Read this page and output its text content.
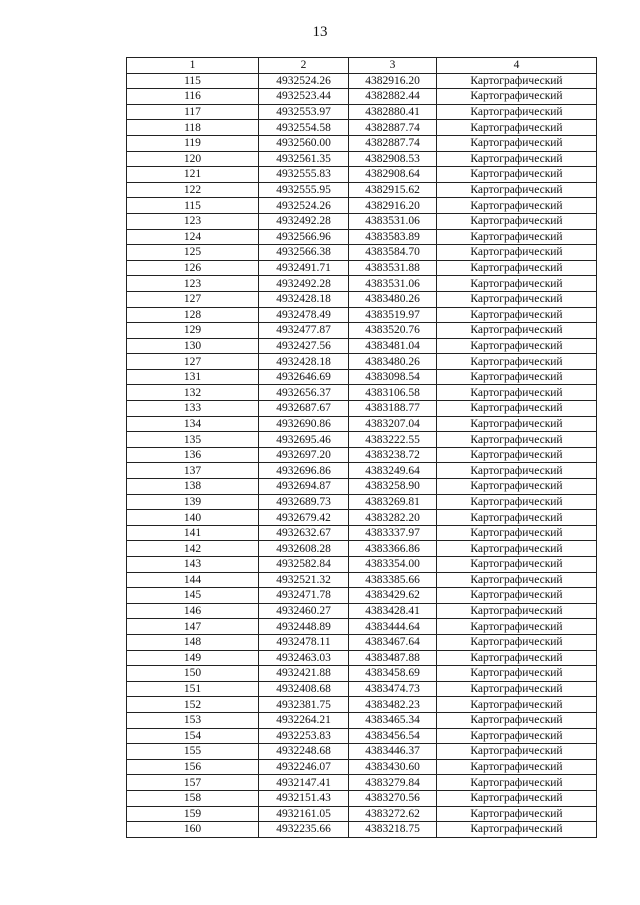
13
1	2	3	4
115	4932524.26	4382916.20	Картографический
116	4932523.44	4382882.44	Картографический
117	4932553.97	4382880.41	Картографический
118	4932554.58	4382887.74	Картографический
119	4932560.00	4382887.74	Картографический
120	4932561.35	4382908.53	Картографический
121	4932555.83	4382908.64	Картографический
122	4932555.95	4382915.62	Картографический
115	4932524.26	4382916.20	Картографический
123	4932492.28	4383531.06	Картографический
124	4932566.96	4383583.89	Картографический
125	4932566.38	4383584.70	Картографический
126	4932491.71	4383531.88	Картографический
123	4932492.28	4383531.06	Картографический
127	4932428.18	4383480.26	Картографический
128	4932478.49	4383519.97	Картографический
129	4932477.87	4383520.76	Картографический
130	4932427.56	4383481.04	Картографический
127	4932428.18	4383480.26	Картографический
131	4932646.69	4383098.54	Картографический
132	4932656.37	4383106.58	Картографический
133	4932687.67	4383188.77	Картографический
134	4932690.86	4383207.04	Картографический
135	4932695.46	4383222.55	Картографический
136	4932697.20	4383238.72	Картографический
137	4932696.86	4383249.64	Картографический
138	4932694.87	4383258.90	Картографический
139	4932689.73	4383269.81	Картографический
140	4932679.42	4383282.20	Картографический
141	4932632.67	4383337.97	Картографический
142	4932608.28	4383366.86	Картографический
143	4932582.84	4383354.00	Картографический
144	4932521.32	4383385.66	Картографический
145	4932471.78	4383429.62	Картографический
146	4932460.27	4383428.41	Картографический
147	4932448.89	4383444.64	Картографический
148	4932478.11	4383467.64	Картографический
149	4932463.03	4383487.88	Картографический
150	4932421.88	4383458.69	Картографический
151	4932408.68	4383474.73	Картографический
152	4932381.75	4383482.23	Картографический
153	4932264.21	4383465.34	Картографический
154	4932253.83	4383456.54	Картографический
155	4932248.68	4383446.37	Картографический
156	4932246.07	4383430.60	Картографический
157	4932147.41	4383279.84	Картографический
158	4932151.43	4383270.56	Картографический
159	4932161.05	4383272.62	Картографический
160	4932235.66	4383218.75	Картографический
